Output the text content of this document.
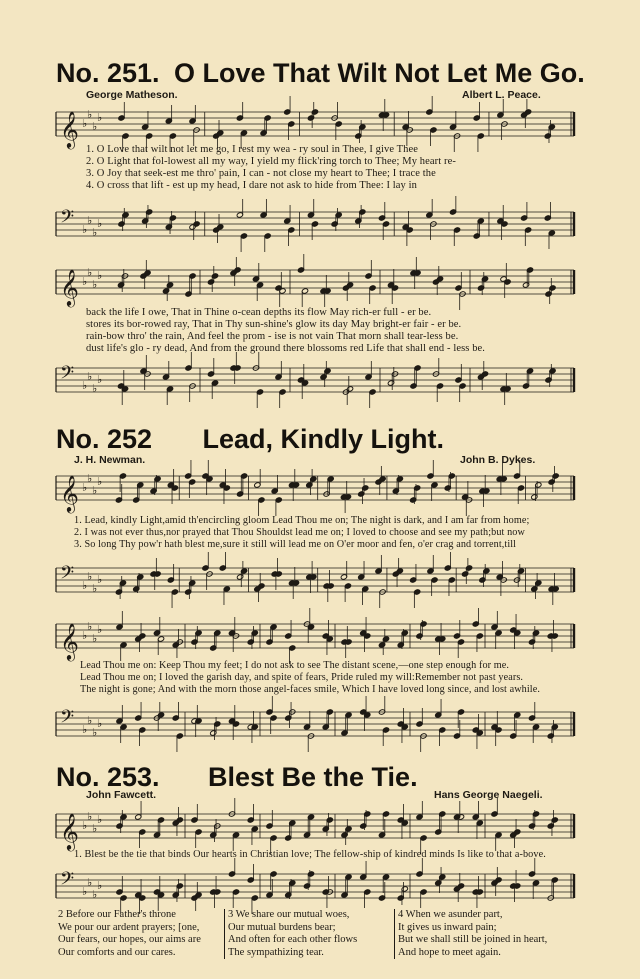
No. 251. O Love That Wilt Not Let Me Go.
George Matheson.	Albert L. Peace.
𝄞 ♭
♭
♭
♭
1. O Love that wilt not let me go, I rest my wea - ry soul in Thee, I give Thee
2. O Light that fol-lowest all my way, I yield my flick'ring torch to Thee; My heart re-
3. O Joy that seek-est me thro' pain, I can - not close my heart to Thee; I trace the
4. O cross that lift - est up my head, I dare not ask to hide from Thee: I lay in
𝄢 ♭
♭
♭
♭
𝄞 ♭
♭
♭
♭
back the life I owe, That in Thine o-cean depths its flow May rich-er full - er be.
stores its bor-rowed ray, That in Thy sun-shine's glow its day May bright-er fair - er be.
rain-bow thro' the rain, And feel the prom - ise is not vain That morn shall tear-less be.
dust life's glo - ry dead, And from the ground there blossoms red Life that shall end - less be.
𝄢 ♭
♭
♭
♭
No. 252 Lead, Kindly Light.
J. H. Newman.	John B. Dykes.
𝄞 ♭
♭
♭
♭
1. Lead, kindly Light,amid th'encircling gloom Lead Thou me on; The night is dark, and I am far from home;
2. I was not ever thus,nor prayed that Thou Shouldst lead me on; I loved to choose and see my path;but now
3. So long Thy pow'r hath blest me,sure it still will lead me on O'er moor and fen, o'er crag and torrent,till
𝄢 ♭
♭
♭
♭
𝄞 ♭
♭
♭
♭
Lead Thou me on: Keep Thou my feet; I do not ask to see The distant scene,—one step enough for me.
Lead Thou me on; I loved the garish day, and spite of fears, Pride ruled my will:Remember not past years.
The night is gone; And with the morn those angel-faces smile, Which I have loved long since, and lost awhile.
𝄢 ♭
♭
♭
♭
No. 253. Blest Be the Tie.
John Fawcett.	Hans George Naegeli.
𝄞 ♭
♭
♭
♭
1. Blest be the tie that binds Our hearts in Christian love; The fellow-ship of kindred minds Is like to that a-bove.
𝄢 ♭
♭
♭
♭
2 Before our Father's throne
We pour our ardent prayers; [one,
Our fears, our hopes, our aims are
Our comforts and our cares.
3 We share our mutual woes,
Our mutual burdens bear;
And often for each other flows
The sympathizing tear.
4 When we asunder part,
It gives us inward pain;
But we shall still be joined in heart,
And hope to meet again.
